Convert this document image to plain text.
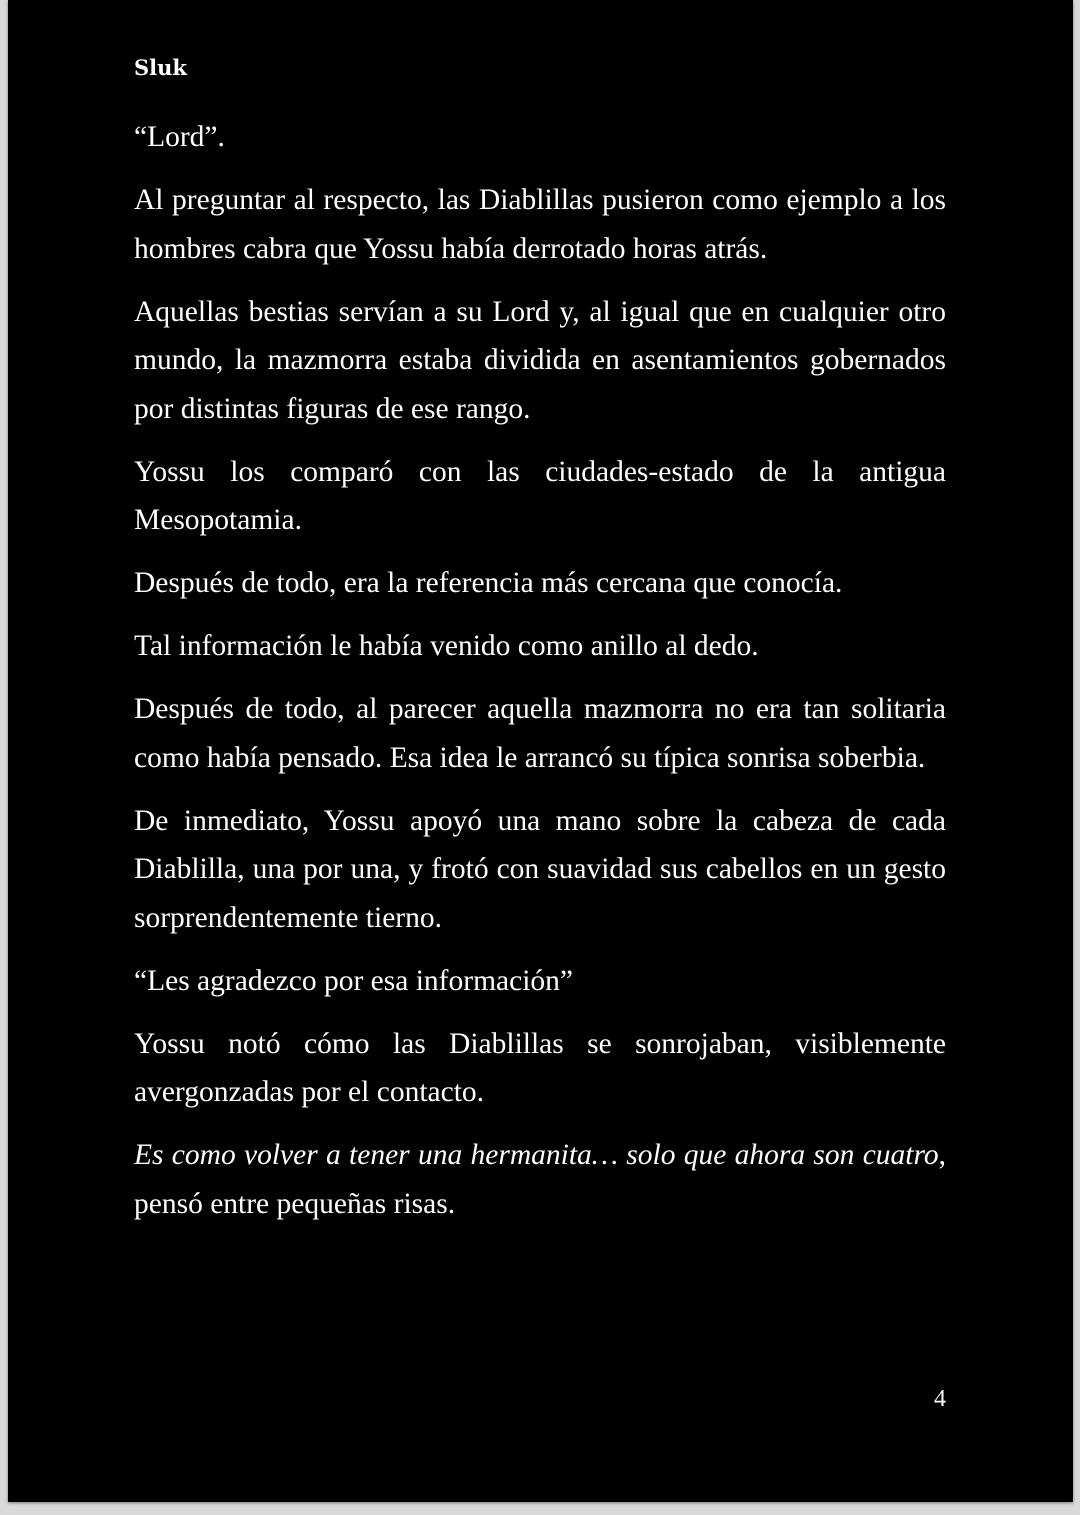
Sluk

“Lord”.

Al preguntar al respecto, las Diablillas pusieron como ejemplo a los hombres cabra que Yossu había derrotado horas atrás.

Aquellas bestias servían a su Lord y, al igual que en cualquier otro mundo, la mazmorra estaba dividida en asentamientos gobernados por distintas figuras de ese rango.

Yossu los comparó con las ciudades-estado de la antigua Mesopotamia.

Después de todo, era la referencia más cercana que conocía.

Tal información le había venido como anillo al dedo.

Después de todo, al parecer aquella mazmorra no era tan solitaria como había pensado. Esa idea le arrancó su típica sonrisa soberbia.

De inmediato, Yossu apoyó una mano sobre la cabeza de cada Diablilla, una por una, y frotó con suavidad sus cabellos en un gesto sorprendentemente tierno.

“Les agradezco por esa información”

Yossu notó cómo las Diablillas se sonrojaban, visiblemente avergonzadas por el contacto.

Es como volver a tener una hermanita… solo que ahora son cuatro, pensó entre pequeñas risas.

4
